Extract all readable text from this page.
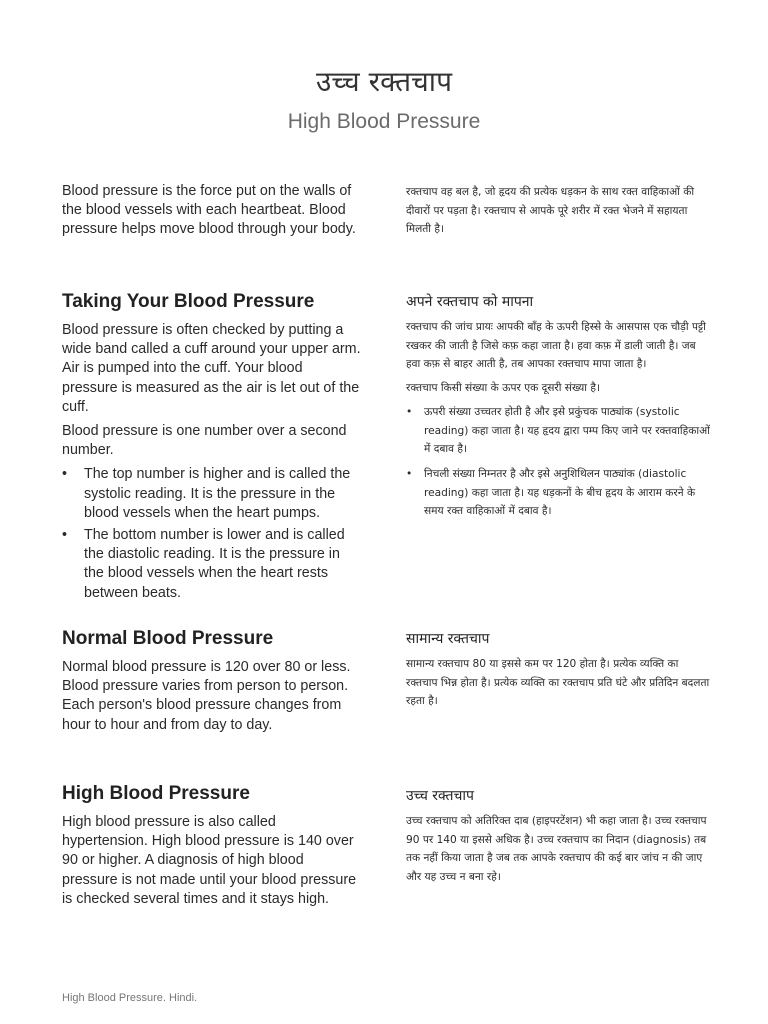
उच्च रक्तचाप
High Blood Pressure

Blood pressure is the force put on the walls of the blood vessels with each heartbeat. Blood pressure helps move blood through your body.

रक्तचाप वह बल है, जो हृदय की प्रत्येक धड़कन के साथ रक्त वाहिकाओं की दीवारों पर पड़ता है। रक्तचाप से आपके पूरे शरीर में रक्त भेजने में सहायता मिलती है।

Taking Your Blood Pressure

Blood pressure is often checked by putting a wide band called a cuff around your upper arm. Air is pumped into the cuff. Your blood pressure is measured as the air is let out of the cuff.

Blood pressure is one number over a second number.

• The top number is higher and is called the systolic reading. It is the pressure in the blood vessels when the heart pumps.
• The bottom number is lower and is called the diastolic reading. It is the pressure in the blood vessels when the heart rests between beats.
अपने रक्तचाप को मापना

रक्तचाप की जांच प्रायः आपकी बाँह के ऊपरी हिस्से के आसपास एक चौड़ी पट्टी रखकर की जाती है जिसे कफ़ कहा जाता है। हवा कफ़ में डाली जाती है। जब हवा कफ़ से बाहर आती है, तब आपका रक्तचाप मापा जाता है।

रक्तचाप किसी संख्या के ऊपर एक दूसरी संख्या है।

• ऊपरी संख्या उच्चतर होती है और इसे प्रकुंचक पाठ्यांक (systolic reading) कहा जाता है। यह हृदय द्वारा पम्प किए जाने पर रक्तवाहिकाओं में दबाव है।
• निचली संख्या निम्नतर है और इसे अनुशिथिलन पाठ्यांक (diastolic reading) कहा जाता है। यह धड़कनों के बीच हृदय के आराम करने के समय रक्त वाहिकाओं में दबाव है।
Normal Blood Pressure

Normal blood pressure is 120 over 80 or less. Blood pressure varies from person to person. Each person's blood pressure changes from hour to hour and from day to day.

सामान्य रक्तचाप

सामान्य रक्तचाप 80 या इससे कम पर 120 होता है। प्रत्येक व्यक्ति का रक्तचाप भिन्न होता है। प्रत्येक व्यक्ति का रक्तचाप प्रति घंटे और प्रतिदिन बदलता रहता है।

High Blood Pressure

High blood pressure is also called hypertension. High blood pressure is 140 over 90 or higher. A diagnosis of high blood pressure is not made until your blood pressure is checked several times and it stays high.

उच्च रक्तचाप

उच्च रक्तचाप को अतिरिक्त दाब (हाइपरटेंशन) भी कहा जाता है। उच्च रक्तचाप 90 पर 140 या इससे अधिक है। उच्च रक्तचाप का निदान (diagnosis) तब तक नहीं किया जाता है जब तक आपके रक्तचाप की कई बार जांच न की जाए और यह उच्च न बना रहे।

High Blood Pressure. Hindi.
